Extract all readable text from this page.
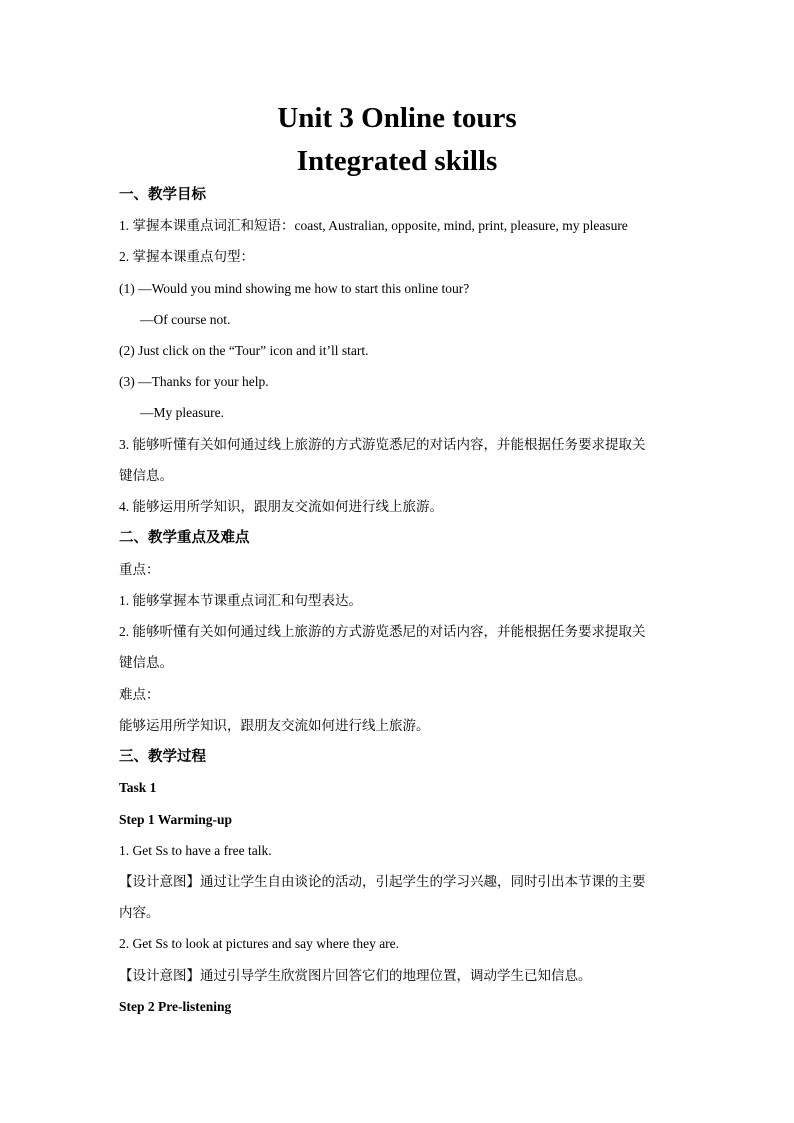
Unit 3 Online tours
Integrated skills

一、教学目标

1. 掌握本课重点词汇和短语：coast, Australian, opposite, mind, print, pleasure, my pleasure

2. 掌握本课重点句型：

(1) —Would you mind showing me how to start this online tour?

—Of course not.

(2) Just click on the “Tour” icon and it’ll start.

(3) —Thanks for your help.

—My pleasure.

3. 能够听懂有关如何通过线上旅游的方式游览悉尼的对话内容，并能根据任务要求提取关

键信息。

4. 能够运用所学知识，跟朋友交流如何进行线上旅游。

二、教学重点及难点

重点：

1. 能够掌握本节课重点词汇和句型表达。

2. 能够听懂有关如何通过线上旅游的方式游览悉尼的对话内容，并能根据任务要求提取关

键信息。

难点：

能够运用所学知识，跟朋友交流如何进行线上旅游。

三、教学过程

Task 1

Step 1 Warming-up

1. Get Ss to have a free talk.

【设计意图】通过让学生自由谈论的活动，引起学生的学习兴趣，同时引出本节课的主要

内容。

2. Get Ss to look at pictures and say where they are.

【设计意图】通过引导学生欣赏图片回答它们的地理位置，调动学生已知信息。

Step 2 Pre-listening
